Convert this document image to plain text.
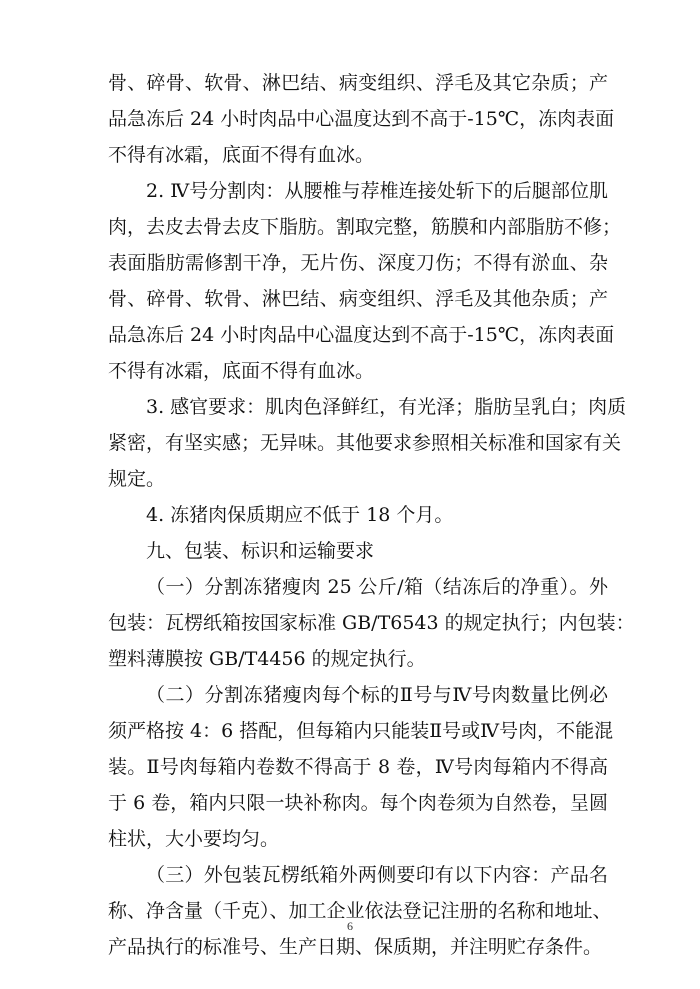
骨、碎骨、软骨、淋巴结、病变组织、浮毛及其它杂质；产
品急冻后 24 小时肉品中心温度达到不高于-15℃，冻肉表面
不得有冰霜，底面不得有血冰。
2. Ⅳ号分割肉：从腰椎与荐椎连接处斩下的后腿部位肌
肉，去皮去骨去皮下脂肪。割取完整，筋膜和内部脂肪不修；
表面脂肪需修割干净，无片伤、深度刀伤；不得有淤血、杂
骨、碎骨、软骨、淋巴结、病变组织、浮毛及其他杂质；产
品急冻后 24 小时肉品中心温度达到不高于-15℃，冻肉表面
不得有冰霜，底面不得有血冰。
3. 感官要求：肌肉色泽鲜红，有光泽；脂肪呈乳白；肉质
紧密，有坚实感；无异味。其他要求参照相关标准和国家有关
规定。
4. 冻猪肉保质期应不低于 18 个月。
九、包装、标识和运输要求
（一）分割冻猪瘦肉 25 公斤/箱（结冻后的净重）。外
包装：瓦楞纸箱按国家标准 GB/T6543 的规定执行；内包装：
塑料薄膜按 GB/T4456 的规定执行。
（二）分割冻猪瘦肉每个标的Ⅱ号与Ⅳ号肉数量比例必
须严格按 4：6 搭配，但每箱内只能装Ⅱ号或Ⅳ号肉，不能混
装。Ⅱ号肉每箱内卷数不得高于 8 卷，Ⅳ号肉每箱内不得高
于 6 卷，箱内只限一块补称肉。每个肉卷须为自然卷，呈圆
柱状，大小要均匀。
（三）外包装瓦楞纸箱外两侧要印有以下内容：产品名
称、净含量（千克）、加工企业依法登记注册的名称和地址、
产品执行的标准号、生产日期、保质期，并注明贮存条件。
6
